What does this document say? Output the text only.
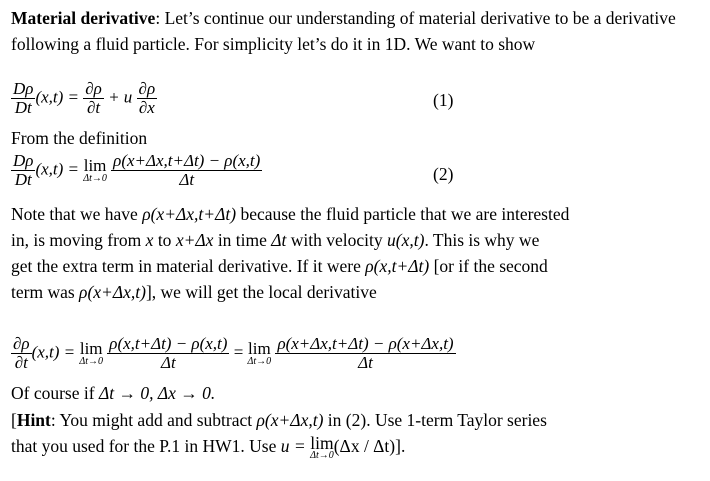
Material derivative: Let’s continue our understanding of material derivative to be a derivative following a fluid particle. For simplicity let’s do it in 1D. We want to show

$\frac{D\rho}{Dt} (x,t) = \frac{\partial\rho}{\partial t} + u \frac{\partial\rho}{\partial x}$	(1)

From the definition

$\frac{D\rho}{Dt} (x,t) = \lim$
Δt→0
$\frac{\rho(x+\Delta x,t+\Delta t) - \rho(x,t)}{\Delta t}$	(2)

Note that we have ρ(x+Δx,t+Δt) because the fluid particle that we are interested
in, is moving from x to x+Δx in time Δt with velocity u(x,t). This is why we
get the extra term in material derivative. If it were ρ(x,t+Δt) [or if the second
term was ρ(x+Δx,t)], we will get the local derivative

$\frac{\partial\rho}{\partial t} (x,t) = \lim$
Δt→0
$\frac{\rho(x,t+\Delta t) - \rho(x,t)}{\Delta t} = \lim$
Δt→0
$\frac{\rho(x+\Delta x,t+\Delta t) - \rho(x+\Delta x,t)}{\Delta t}$

Of course if Δt → 0, Δx → 0.

[Hint: You might add and subtract ρ(x+Δx,t) in (2). Use 1-term Taylor series
that you used for the P.1 in HW1. Use u = lim
Δt→0 (Δx / Δt)].
